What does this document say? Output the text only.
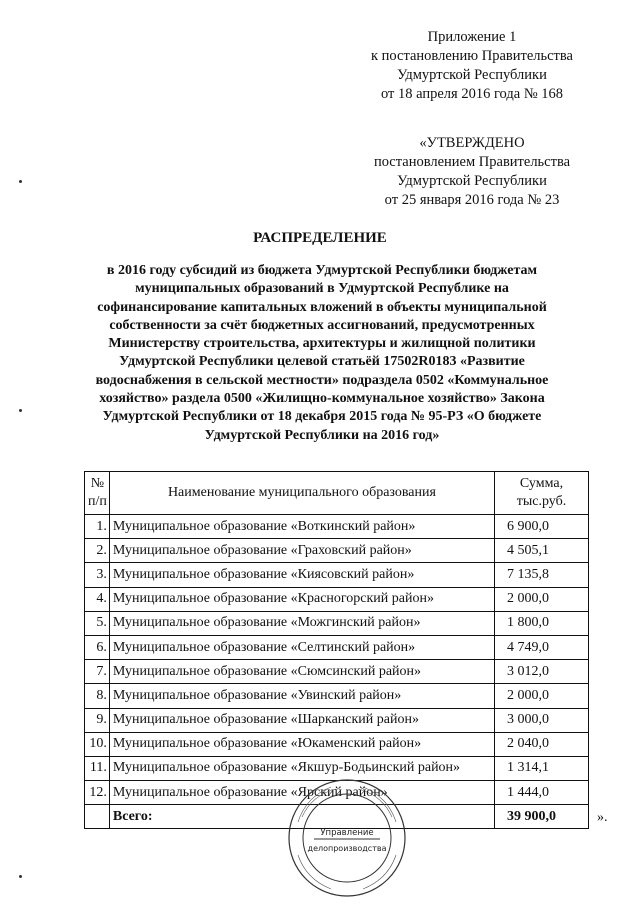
Приложение 1
к постановлению Правительства
Удмуртской Республики
от 18 апреля 2016 года № 168
«УТВЕРЖДЕНО
постановлением Правительства
Удмуртской Республики
от 25 января 2016 года № 23
РАСПРЕДЕЛЕНИЕ
в 2016 году субсидий из бюджета Удмуртской Республики бюджетам
муниципальных образований в Удмуртской Республике на
софинансирование капитальных вложений в объекты муниципальной
собственности за счёт бюджетных ассигнований, предусмотренных
Министерству строительства, архитектуры и жилищной политики
Удмуртской Республики целевой статьёй 17502R0183 «Развитие
водоснабжения в сельской местности» подраздела 0502 «Коммунальное
хозяйство» раздела 0500 «Жилищно-коммунальное хозяйство» Закона
Удмуртской Республики от 18 декабря 2015 года № 95-РЗ «О бюджете
Удмуртской Республики на 2016 год»
№
п/п	Наименование муниципального образования	Сумма,
тыс.руб.

1.	Муниципальное образование «Воткинский район»	6 900,0
2.	Муниципальное образование «Граховский район»	4 505,1
3.	Муниципальное образование «Киясовский район»	7 135,8
4.	Муниципальное образование «Красногорский район»	2 000,0
5.	Муниципальное образование «Можгинский район»	1 800,0
6.	Муниципальное образование «Селтинский район»	4 749,0
7.	Муниципальное образование «Сюмсинский район»	3 012,0
8.	Муниципальное образование «Увинский район»	2 000,0
9.	Муниципальное образование «Шарканский район»	3 000,0
10.	Муниципальное образование «Юкаменский район»	2 040,0
11.	Муниципальное образование «Якшур-Бодьинский район»	1 314,1
12.	Муниципальное образование «Ярский район»	1 444,0
	Всего:	39 900,0	».
Управление
делопроизводства
